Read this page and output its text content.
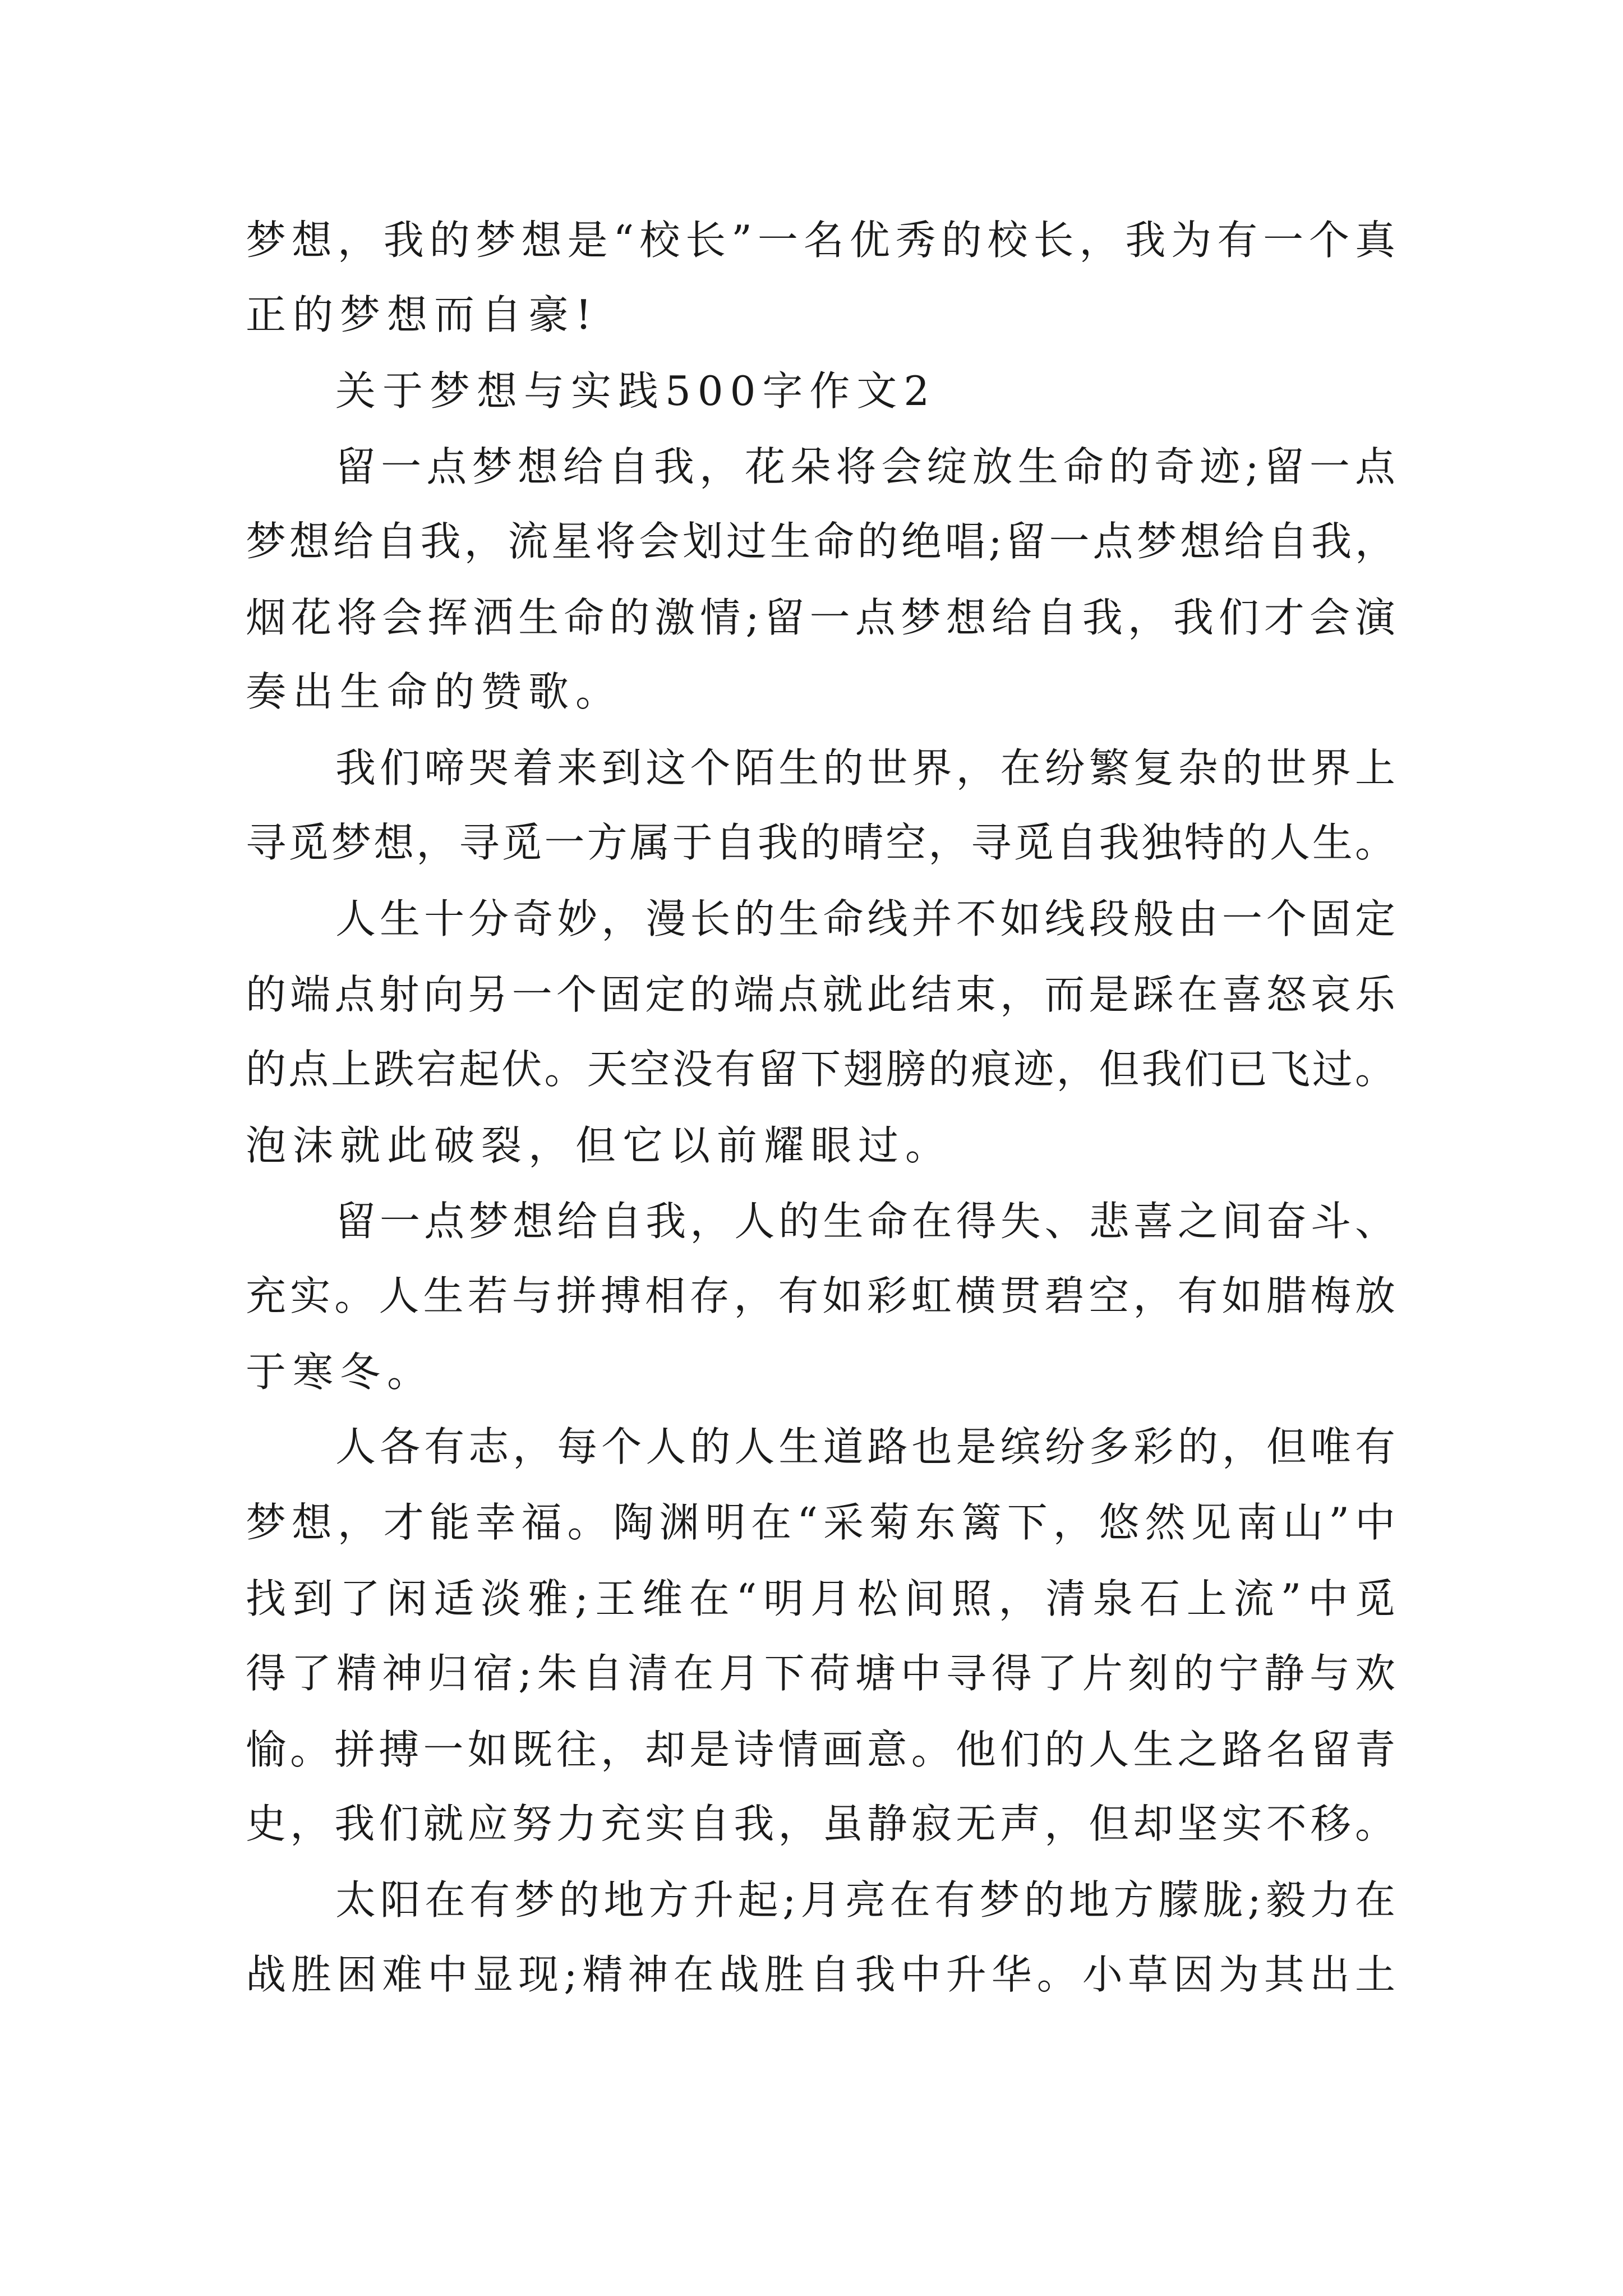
梦想，我的梦想是“校长”一名优秀的校长，我为有一个真
正的梦想而自豪!
关于梦想与实践500字作文2
留一点梦想给自我，花朵将会绽放生命的奇迹;留一点
梦想给自我，流星将会划过生命的绝唱;留一点梦想给自我，
烟花将会挥洒生命的激情;留一点梦想给自我，我们才会演
奏出生命的赞歌。
我们啼哭着来到这个陌生的世界，在纷繁复杂的世界上
寻觅梦想，寻觅一方属于自我的晴空，寻觅自我独特的人生。
人生十分奇妙，漫长的生命线并不如线段般由一个固定
的端点射向另一个固定的端点就此结束，而是踩在喜怒哀乐
的点上跌宕起伏。天空没有留下翅膀的痕迹，但我们已飞过。
泡沫就此破裂，但它以前耀眼过。
留一点梦想给自我，人的生命在得失、悲喜之间奋斗、
充实。人生若与拼搏相存，有如彩虹横贯碧空，有如腊梅放
于寒冬。
人各有志，每个人的人生道路也是缤纷多彩的，但唯有
梦想，才能幸福。陶渊明在“采菊东篱下，悠然见南山”中
找到了闲适淡雅;王维在“明月松间照，清泉石上流”中觅
得了精神归宿;朱自清在月下荷塘中寻得了片刻的宁静与欢
愉。拼搏一如既往，却是诗情画意。他们的人生之路名留青
史，我们就应努力充实自我，虽静寂无声，但却坚实不移。
太阳在有梦的地方升起;月亮在有梦的地方朦胧;毅力在
战胜困难中显现;精神在战胜自我中升华。小草因为其出土
